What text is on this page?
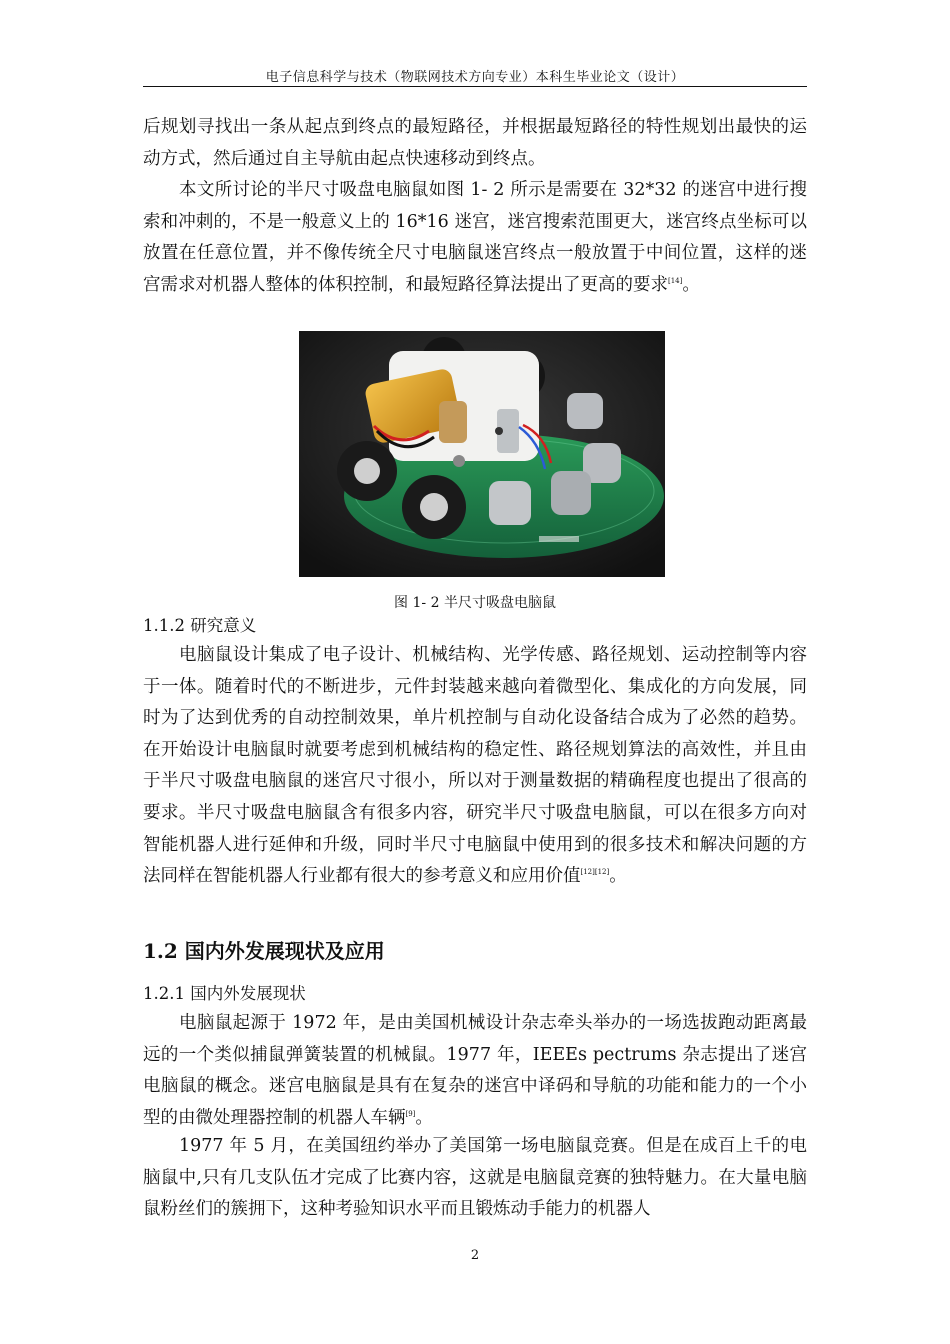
电子信息科学与技术（物联网技术方向专业）本科生毕业论文（设计）
后规划寻找出一条从起点到终点的最短路径，并根据最短路径的特性规划出最快的运动方式，然后通过自主导航由起点快速移动到终点。
本文所讨论的半尺寸吸盘电脑鼠如图 1- 2 所示是需要在 32*32 的迷宫中进行搜索和冲刺的，不是一般意义上的 16*16 迷宫，迷宫搜索范围更大，迷宫终点坐标可以放置在任意位置，并不像传统全尺寸电脑鼠迷宫终点一般放置于中间位置，这样的迷宫需求对机器人整体的体积控制，和最短路径算法提出了更高的要求[14]。
图 1- 2 半尺寸吸盘电脑鼠
1.1.2 研究意义
电脑鼠设计集成了电子设计、机械结构、光学传感、路径规划、运动控制等内容于一体。随着时代的不断进步，元件封装越来越向着微型化、集成化的方向发展，同时为了达到优秀的自动控制效果，单片机控制与自动化设备结合成为了必然的趋势。在开始设计电脑鼠时就要考虑到机械结构的稳定性、路径规划算法的高效性，并且由于半尺寸吸盘电脑鼠的迷宫尺寸很小，所以对于测量数据的精确程度也提出了很高的要求。半尺寸吸盘电脑鼠含有很多内容，研究半尺寸吸盘电脑鼠，可以在很多方向对智能机器人进行延伸和升级，同时半尺寸电脑鼠中使用到的很多技术和解决问题的方法同样在智能机器人行业都有很大的参考意义和应用价值[12][12]。
1.2 国内外发展现状及应用
1.2.1 国内外发展现状
电脑鼠起源于 1972 年，是由美国机械设计杂志牵头举办的一场选拔跑动距离最远的一个类似捕鼠弹簧装置的机械鼠。1977 年，IEEEs pectrums 杂志提出了迷宫电脑鼠的概念。迷宫电脑鼠是具有在复杂的迷宫中译码和导航的功能和能力的一个小型的由微处理器控制的机器人车辆[9]。
1977 年 5 月，在美国纽约举办了美国第一场电脑鼠竞赛。但是在成百上千的电脑鼠中,只有几支队伍才完成了比赛内容，这就是电脑鼠竞赛的独特魅力。在大量电脑鼠粉丝们的簇拥下，这种考验知识水平而且锻炼动手能力的机器人
2
